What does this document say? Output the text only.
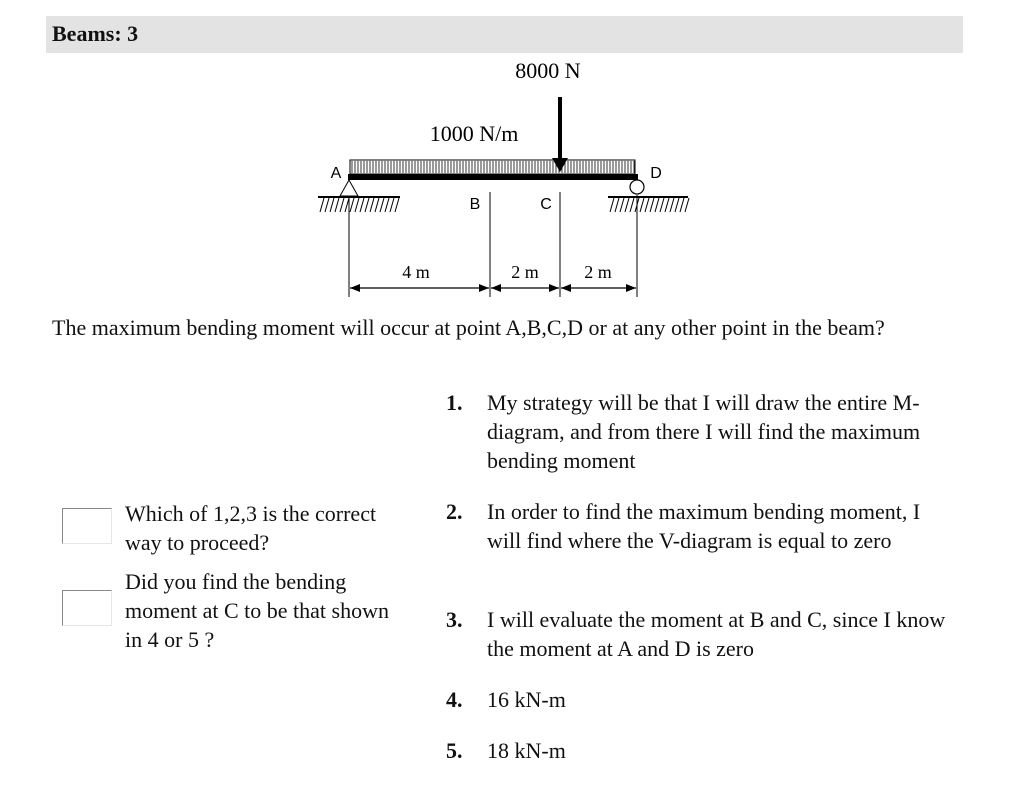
Beams: 3
8000 N
1000 N/m
A	D
B	C
4 m	2 m	2 m
The maximum bending moment will occur at point A,B,C,D or at any other point in the beam?
Which of 1,2,3 is the correct way to proceed?
Did you find the bending moment at C to be that shown in 4 or 5 ?
1. My strategy will be that I will draw the entire M-diagram, and from there I will find the maximum bending moment
2. In order to find the maximum bending moment, I will find where the V-diagram is equal to zero
3. I will evaluate the moment at B and C, since I know the moment at A and D is zero
4. 16 kN-m
5. 18 kN-m
